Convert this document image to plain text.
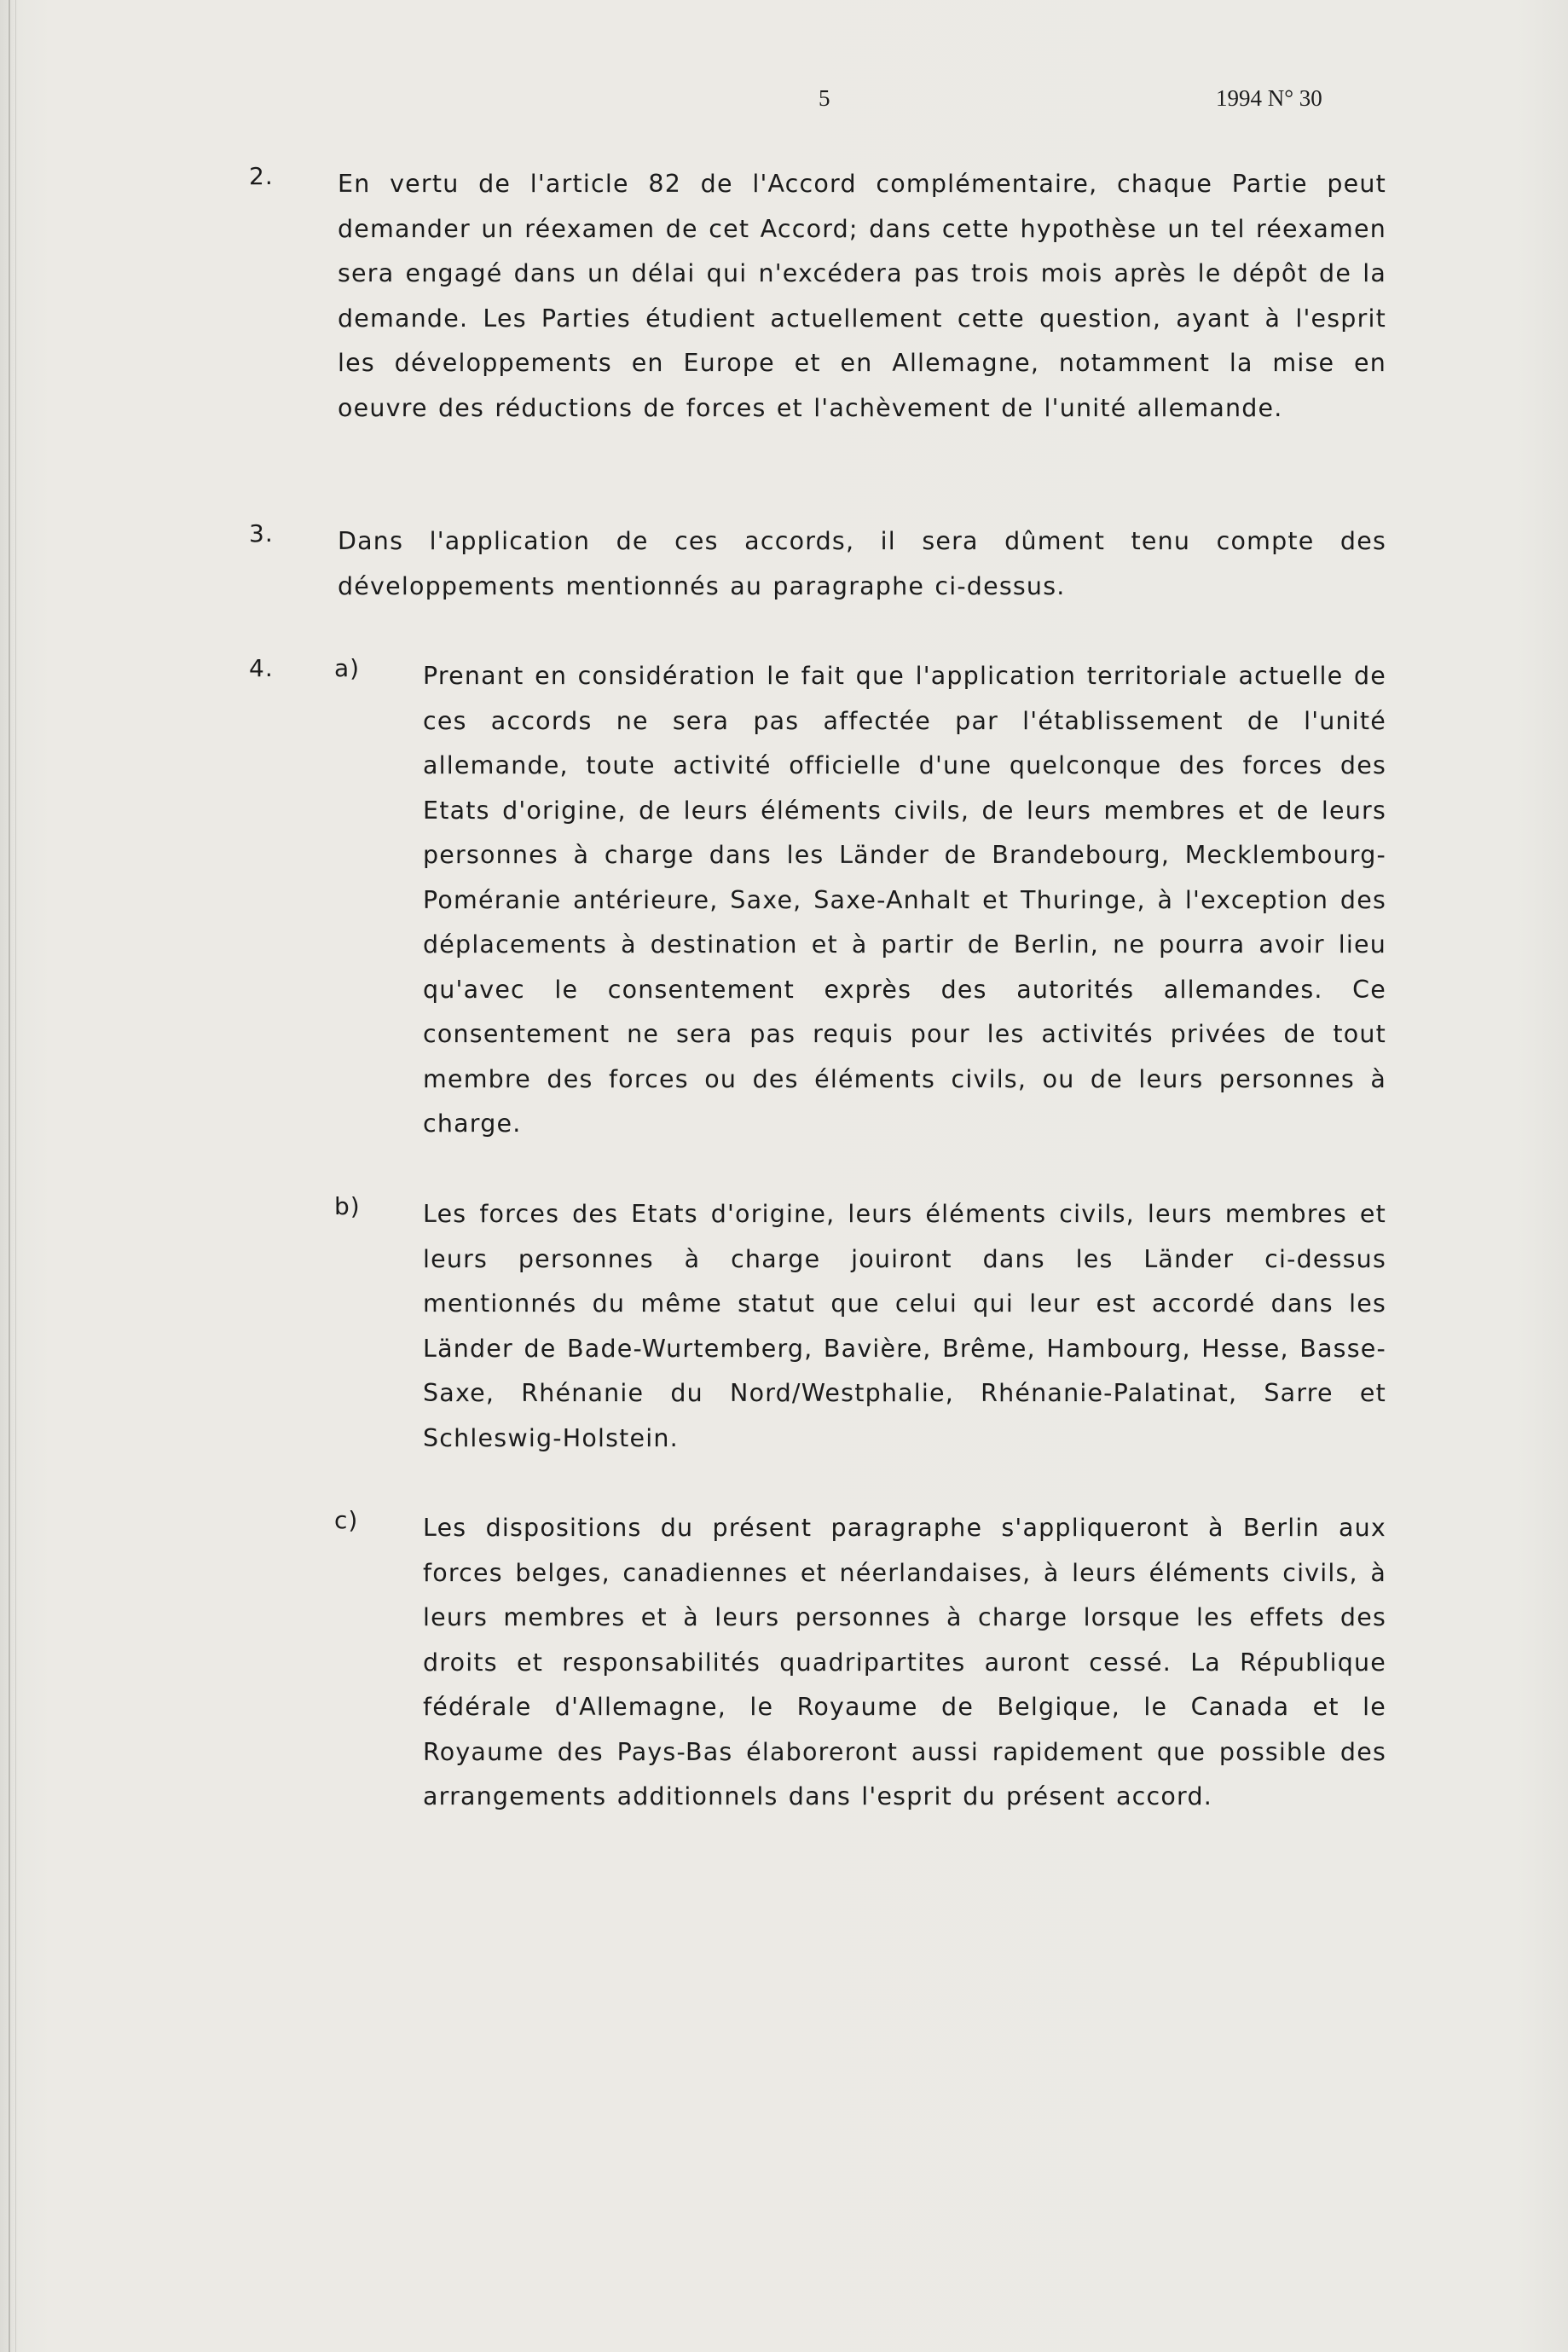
5	1994 N° 30
2.	En vertu de l'article 82 de l'Accord complémentaire, chaque Partie peut demander un réexamen de cet Accord; dans cette hypothèse un tel réexamen sera engagé dans un délai qui n'excédera pas trois mois après le dépôt de la demande. Les Parties étudient actuellement cette question, ayant à l'esprit les développements en Europe et en Allemagne, notamment la mise en oeuvre des réductions de forces et l'achèvement de l'unité allemande.

3.	Dans l'application de ces accords, il sera dûment tenu compte des développements mentionnés au paragraphe ci-dessus.

4.	a)	Prenant en considération le fait que l'application territoriale actuelle de ces accords ne sera pas affectée par l'établissement de l'unité allemande, toute activité officielle d'une quelconque des forces des Etats d'origine, de leurs éléments civils, de leurs membres et de leurs personnes à charge dans les Länder de Brandebourg, Mecklembourg-Poméranie antérieure, Saxe, Saxe-Anhalt et Thuringe, à l'exception des déplacements à destination et à partir de Berlin, ne pourra avoir lieu qu'avec le consentement exprès des autorités allemandes. Ce consentement ne sera pas requis pour les activités privées de tout membre des forces ou des éléments civils, ou de leurs personnes à charge.

b)	Les forces des Etats d'origine, leurs éléments civils, leurs membres et leurs personnes à charge jouiront dans les Länder ci-dessus mentionnés du même statut que celui qui leur est accordé dans les Länder de Bade-Wurtemberg, Bavière, Brême, Hambourg, Hesse, Basse-Saxe, Rhénanie du Nord/Westphalie, Rhénanie-Palatinat, Sarre et Schleswig-Holstein.

c)	Les dispositions du présent paragraphe s'appliqueront à Berlin aux forces belges, canadiennes et néerlandaises, à leurs éléments civils, à leurs membres et à leurs personnes à charge lorsque les effets des droits et responsabilités quadripartites auront cessé. La République fédérale d'Allemagne, le Royaume de Belgique, le Canada et le Royaume des Pays-Bas élaboreront aussi rapidement que possible des arrangements additionnels dans l'esprit du présent accord.
